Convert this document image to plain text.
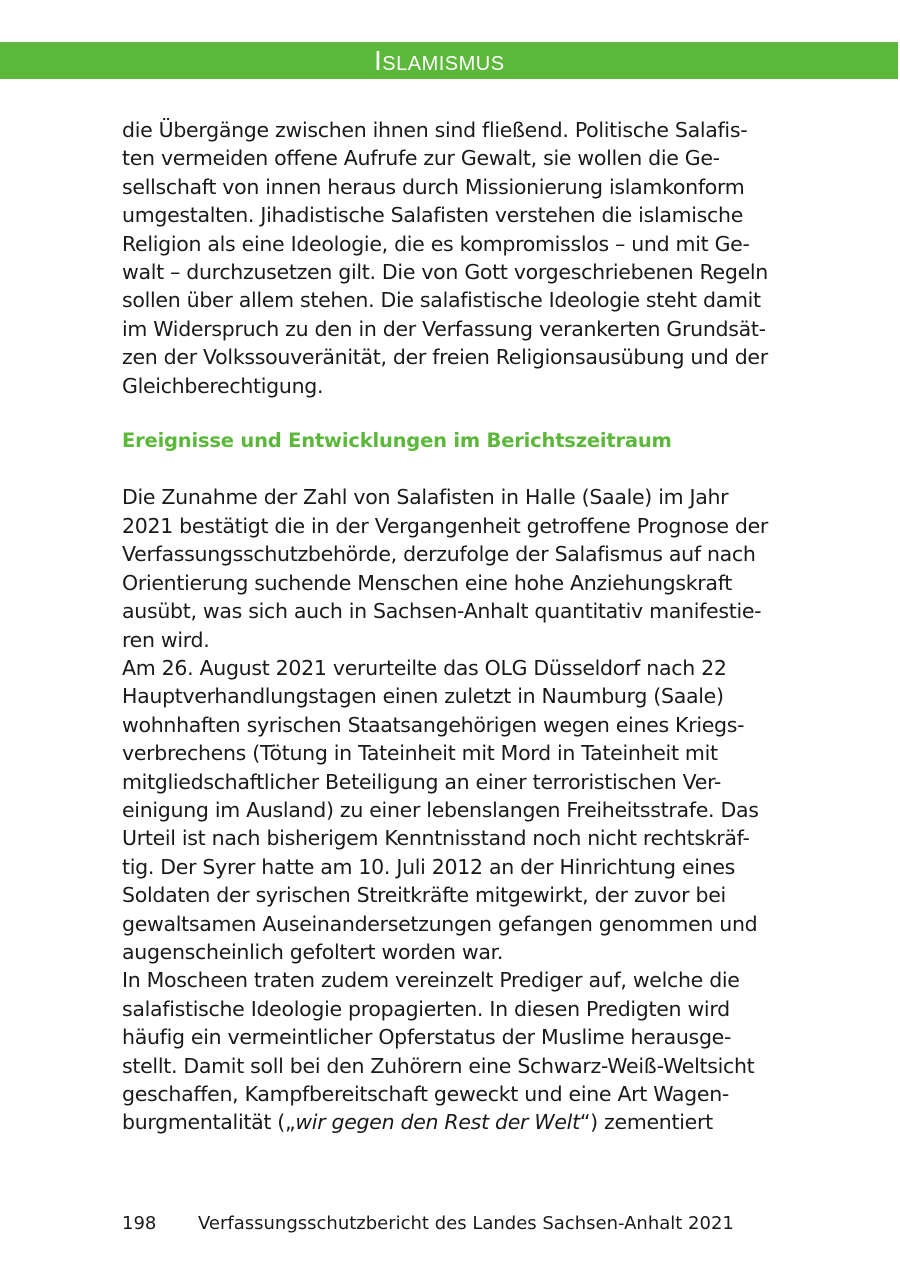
Islamismus

die Übergänge zwischen ihnen sind fließend. Politische Salafis-
ten vermeiden offene Aufrufe zur Gewalt, sie wollen die Ge-
sellschaft von innen heraus durch Missionierung islamkonform
umgestalten. Jihadistische Salafisten verstehen die islamische
Religion als eine Ideologie, die es kompromisslos – und mit Ge-
walt – durchzusetzen gilt. Die von Gott vorgeschriebenen Regeln
sollen über allem stehen. Die salafistische Ideologie steht damit
im Widerspruch zu den in der Verfassung verankerten Grundsät-
zen der Volkssouveränität, der freien Religionsausübung und der
Gleichberechtigung.

Ereignisse und Entwicklungen im Berichtszeitraum

Die Zunahme der Zahl von Salafisten in Halle (Saale) im Jahr
2021 bestätigt die in der Vergangenheit getroffene Prognose der
Verfassungsschutzbehörde, derzufolge der Salafismus auf nach
Orientierung suchende Menschen eine hohe Anziehungskraft
ausübt, was sich auch in Sachsen-Anhalt quantitativ manifestie-
ren wird.

Am 26. August 2021 verurteilte das OLG Düsseldorf nach 22
Hauptverhandlungstagen einen zuletzt in Naumburg (Saale)
wohnhaften syrischen Staatsangehörigen wegen eines Kriegs-
verbrechens (Tötung in Tateinheit mit Mord in Tateinheit mit
mitgliedschaftlicher Beteiligung an einer terroristischen Ver-
einigung im Ausland) zu einer lebenslangen Freiheitsstrafe. Das
Urteil ist nach bisherigem Kenntnisstand noch nicht rechtskräf-
tig. Der Syrer hatte am 10. Juli 2012 an der Hinrichtung eines
Soldaten der syrischen Streitkräfte mitgewirkt, der zuvor bei
gewaltsamen Auseinandersetzungen gefangen genommen und
augenscheinlich gefoltert worden war.

In Moscheen traten zudem vereinzelt Prediger auf, welche die
salafistische Ideologie propagierten. In diesen Predigten wird
häufig ein vermeintlicher Opferstatus der Muslime herausge-
stellt. Damit soll bei den Zuhörern eine Schwarz-Weiß-Weltsicht
geschaffen, Kampfbereitschaft geweckt und eine Art Wagen-
burgmentalität („wir gegen den Rest der Welt“) zementiert

198 Verfassungsschutzbericht des Landes Sachsen-Anhalt 2021
